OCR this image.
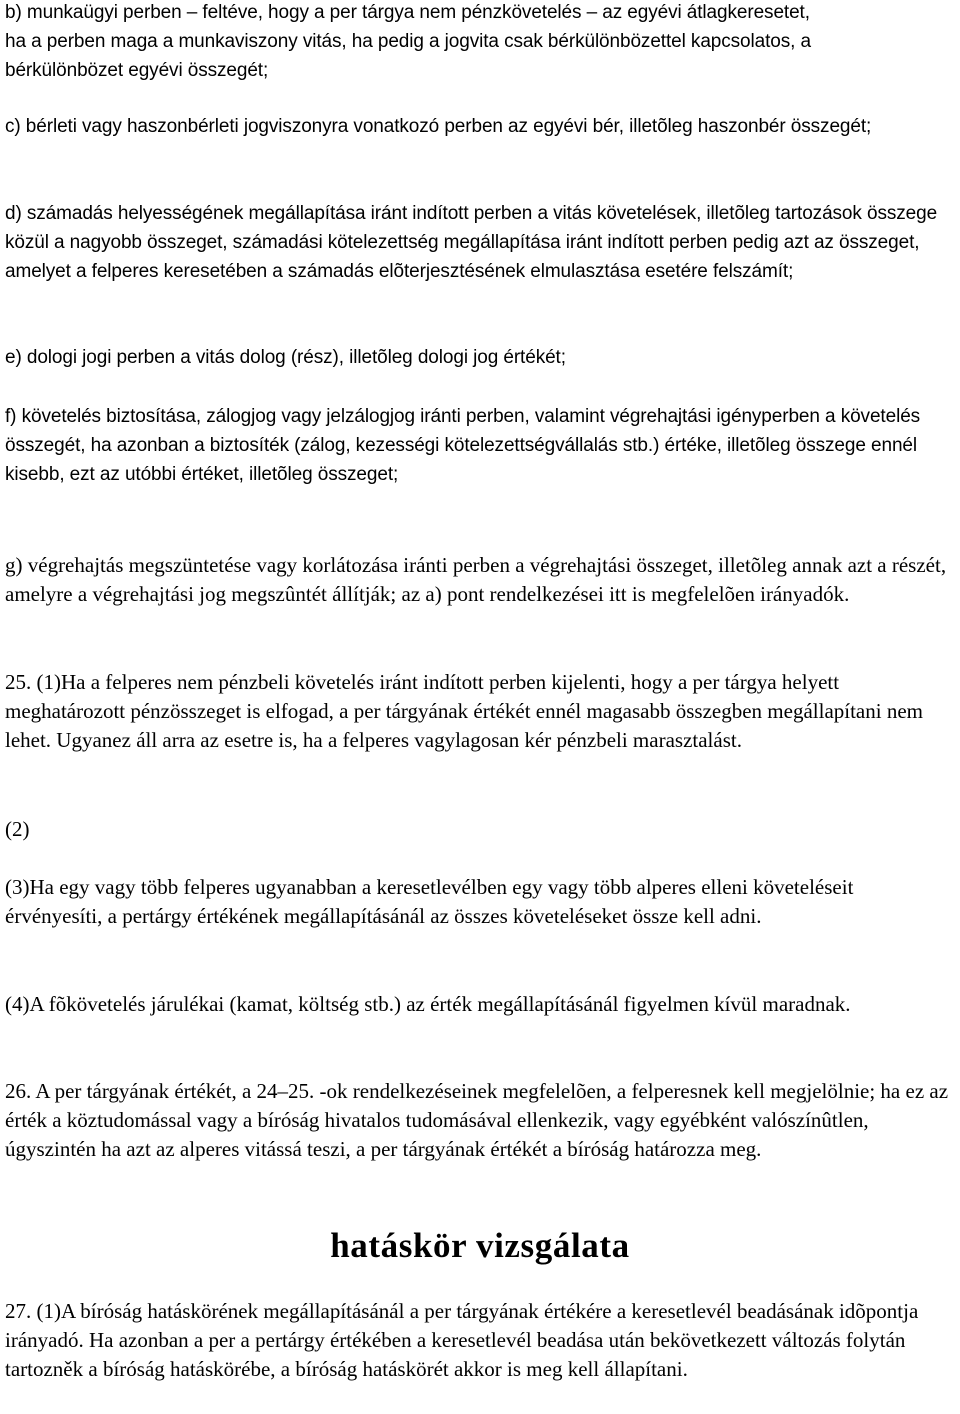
b) munkaügyi perben – feltéve, hogy a per tárgya nem pénzkövetelés – az egyévi átlagkeresetet, ha a perben maga a munkaviszony vitás, ha pedig a jogvita csak bérkülönbözettel kapcsolatos, a bérkülönbözet egyévi összegét;

c) bérleti vagy haszonbérleti jogviszonyra vonatkozó perben az egyévi bér, illetõleg haszonbér összegét;

d) számadás helyességének megállapítása iránt indított perben a vitás követelések, illetõleg tartozások összege közül a nagyobb összeget, számadási kötelezettség megállapítása iránt indított perben pedig azt az összeget, amelyet a felperes keresetében a számadás elõterjesztésének elmulasztása esetére felszámít;

e) dologi jogi perben a vitás dolog (rész), illetõleg dologi jog értékét;

f) követelés biztosítása, zálogjog vagy jelzálogjog iránti perben, valamint végrehajtási igényperben a követelés összegét, ha azonban a biztosíték (zálog, kezességi kötelezettségvállalás stb.) értéke, illetõleg összege ennél kisebb, ezt az utóbbi értéket, illetõleg összeget;

g) végrehajtás megszüntetése vagy korlátozása iránti perben a végrehajtási összeget, illetõleg annak azt a részét, amelyre a végrehajtási jog megszûntét állítják; az a) pont rendelkezései itt is megfelelõen irányadók.

25. (1)Ha a felperes nem pénzbeli követelés iránt indított perben kijelenti, hogy a per tárgya helyett meghatározott pénzösszeget is elfogad, a per tárgyának értékét ennél magasabb összegben megállapítani nem lehet. Ugyanez áll arra az esetre is, ha a felperes vagylagosan kér pénzbeli marasztalást.

(2)

(3)Ha egy vagy több felperes ugyanabban a keresetlevélben egy vagy több alperes elleni követeléseit érvényesíti, a pertárgy értékének megállapításánál az összes követeléseket össze kell adni.

(4)A fõkövetelés járulékai (kamat, költség stb.) az érték megállapításánál figyelmen kívül maradnak.

26. A per tárgyának értékét, a 24–25. -ok rendelkezéseinek megfelelõen, a felperesnek kell megjelölnie; ha ez az érték a köztudomással vagy a bíróság hivatalos tudomásával ellenkezik, vagy egyébként valószínûtlen, úgyszintén ha azt az alperes vitássá teszi, a per tárgyának értékét a bíróság határozza meg.

hatáskör vizsgálata

27. (1)A bíróság hatáskörének megállapításánál a per tárgyának értékére a keresetlevél beadásának idõpontja irányadó. Ha azonban a per a pertárgy értékében a keresetlevél beadása után bekövetkezett változás folytán tartozněk a bíróság hatáskörébe, a bíróság hatáskörét akkor is meg kell állapítani.
